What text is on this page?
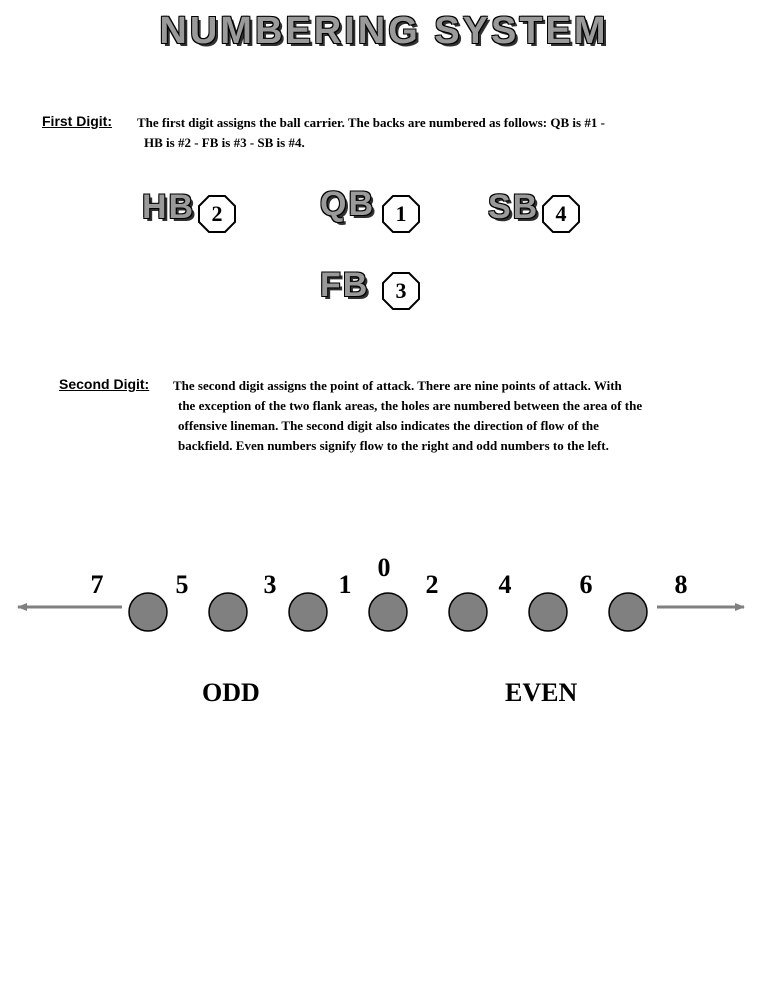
NUMBERING SYSTEM
First Digit: The first digit assigns the ball carrier. The backs are numbered as follows: QB is #1 -
HB is #2 - FB is #3 - SB is #4.
HB 2	QB 1	SB 4
FB	3
Second Digit: The second digit assigns the point of attack. There are nine points of attack. With
the exception of the two flank areas, the holes are numbered between the area of the
offensive lineman. The second digit also indicates the direction of flow of the
backfield. Even numbers signify flow to the right and odd numbers to the left.
0
7	5	3	1	2	4	6	8
ODD	EVEN
